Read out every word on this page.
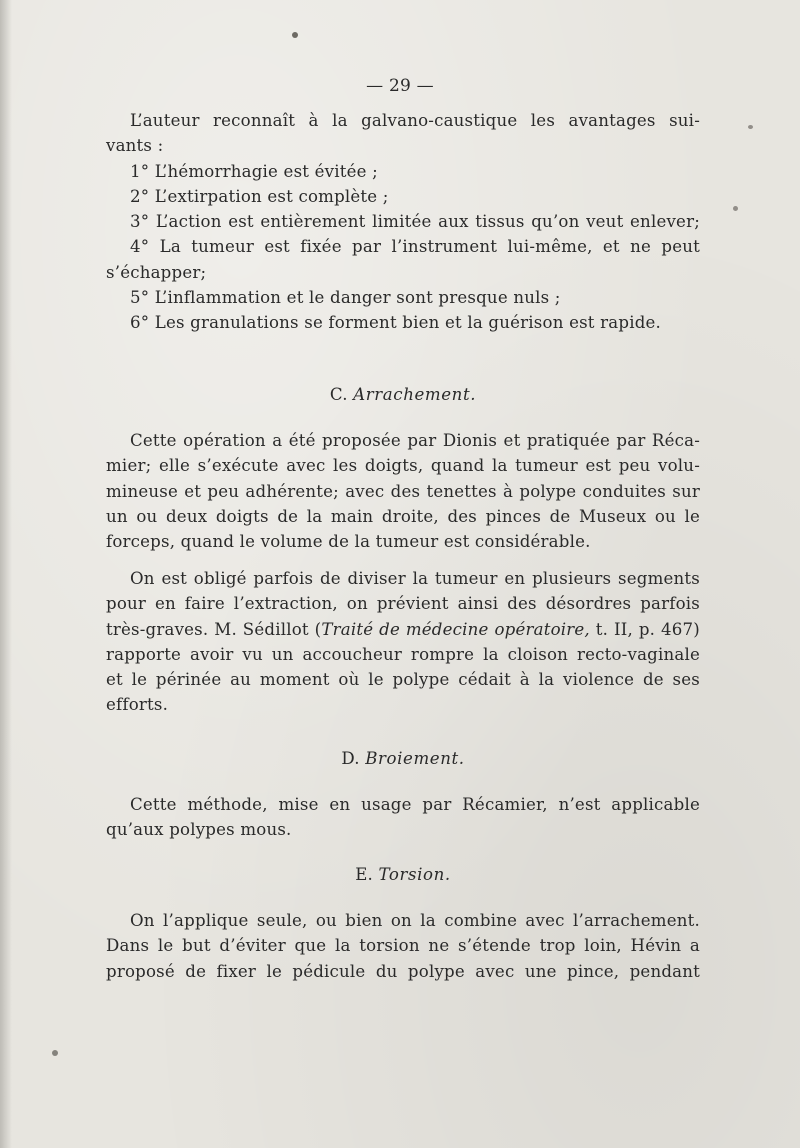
— 29 —
L’auteur reconnaît à la galvano-caustique les avantages sui-
vants :
1° L’hémorrhagie est évitée ;
2° L’extirpation est complète ;
3° L’action est entièrement limitée aux tissus qu’on veut enlever;
4° La tumeur est fixée par l’instrument lui-même, et ne peut
s’échapper;
5° L’inflammation et le danger sont presque nuls ;
6° Les granulations se forment bien et la guérison est rapide.
C. Arrachement.
Cette opération a été proposée par Dionis et pratiquée par Réca-
mier; elle s’exécute avec les doigts, quand la tumeur est peu volu-
mineuse et peu adhérente; avec des tenettes à polype conduites sur
un ou deux doigts de la main droite, des pinces de Museux ou le
forceps, quand le volume de la tumeur est considérable.
On est obligé parfois de diviser la tumeur en plusieurs segments
pour en faire l’extraction, on prévient ainsi des désordres parfois
très-graves. M. Sédillot (Traité de médecine opératoire, t. II, p. 467)
rapporte avoir vu un accoucheur rompre la cloison recto-vaginale
et le périnée au moment où le polype cédait à la violence de ses
efforts.
D. Broiement.
Cette méthode, mise en usage par Récamier, n’est applicable
qu’aux polypes mous.
E. Torsion.
On l’applique seule, ou bien on la combine avec l’arrachement.
Dans le but d’éviter que la torsion ne s’étende trop loin, Hévin a
proposé de fixer le pédicule du polype avec une pince, pendant
